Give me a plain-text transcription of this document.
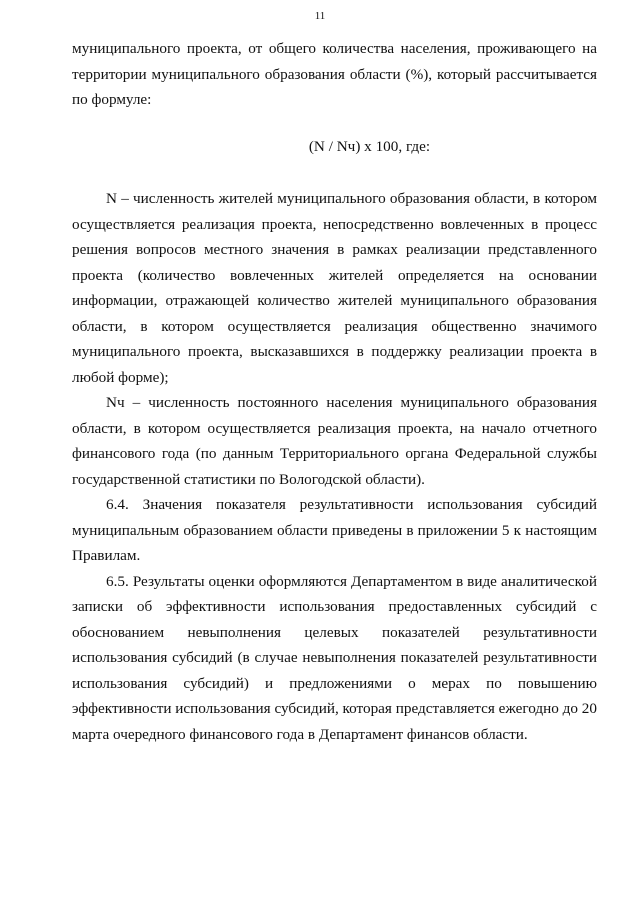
11

муниципального проекта, от общего количества населения, проживающего на территории муниципального образования области (%), который рассчитывается по формуле:

(N / Nч) x 100, где:

N – численность жителей муниципального образования области, в котором осуществляется реализация проекта, непосредственно вовлеченных в процесс решения вопросов местного значения в рамках реализации представленного проекта (количество вовлеченных жителей определяется на основании информации, отражающей количество жителей муниципального образования области, в котором осуществляется реализация общественно значимого муниципального проекта, высказавшихся в поддержку реализации проекта в любой форме);

Nч – численность постоянного населения муниципального образования области, в котором осуществляется реализация проекта, на начало отчетного финансового года (по данным Территориального органа Федеральной службы государственной статистики по Вологодской области).

6.4. Значения показателя результативности использования субсидий муниципальным образованием области приведены в приложении 5 к настоящим Правилам.

6.5. Результаты оценки оформляются Департаментом в виде аналитической записки об эффективности использования предоставленных субсидий с обоснованием невыполнения целевых показателей результативности использования субсидий (в случае невыполнения показателей результативности использования субсидий) и предложениями о мерах по повышению эффективности использования субсидий, которая представляется ежегодно до 20 марта очередного финансового года в Департамент финансов области.
